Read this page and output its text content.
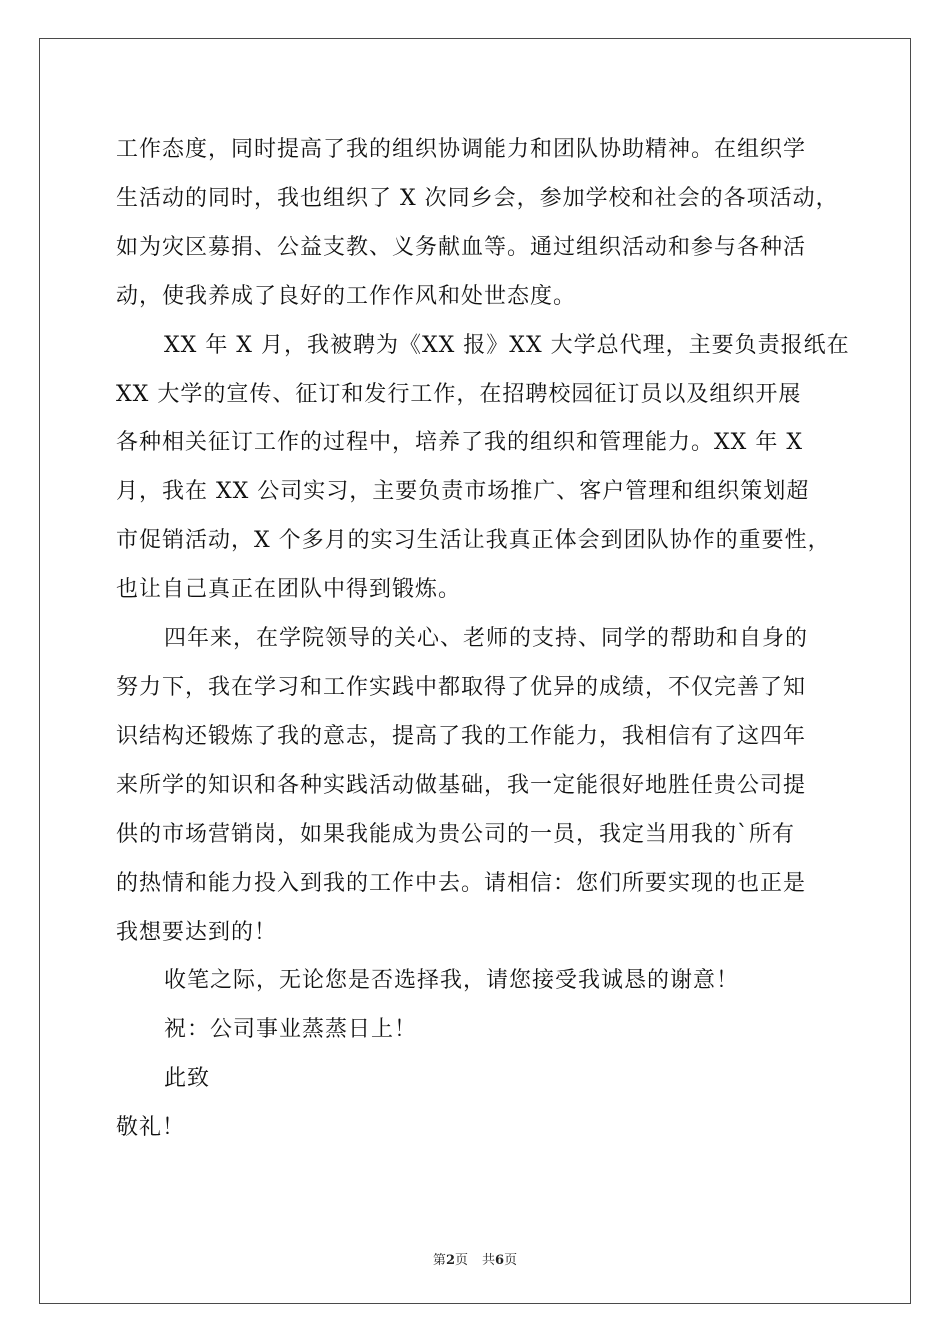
工作态度，同时提高了我的组织协调能力和团队协助精神。在组织学

生活动的同时，我也组织了 X 次同乡会，参加学校和社会的各项活动，

如为灾区募捐、公益支教、义务献血等。通过组织活动和参与各种活

动，使我养成了良好的工作作风和处世态度。

XX 年 X 月，我被聘为《XX 报》XX 大学总代理，主要负责报纸在

XX 大学的宣传、征订和发行工作，在招聘校园征订员以及组织开展

各种相关征订工作的过程中，培养了我的组织和管理能力。XX 年 X

月，我在 XX 公司实习，主要负责市场推广、客户管理和组织策划超

市促销活动，X 个多月的实习生活让我真正体会到团队协作的重要性，

也让自己真正在团队中得到锻炼。

四年来，在学院领导的关心、老师的支持、同学的帮助和自身的

努力下，我在学习和工作实践中都取得了优异的成绩，不仅完善了知

识结构还锻炼了我的意志，提高了我的工作能力，我相信有了这四年

来所学的知识和各种实践活动做基础，我一定能很好地胜任贵公司提

供的市场营销岗，如果我能成为贵公司的一员，我定当用我的`所有

的热情和能力投入到我的工作中去。请相信：您们所要实现的也正是

我想要达到的！

收笔之际，无论您是否选择我，请您接受我诚恳的谢意！

祝：公司事业蒸蒸日上！

此致

敬礼！

第2页 共6页
